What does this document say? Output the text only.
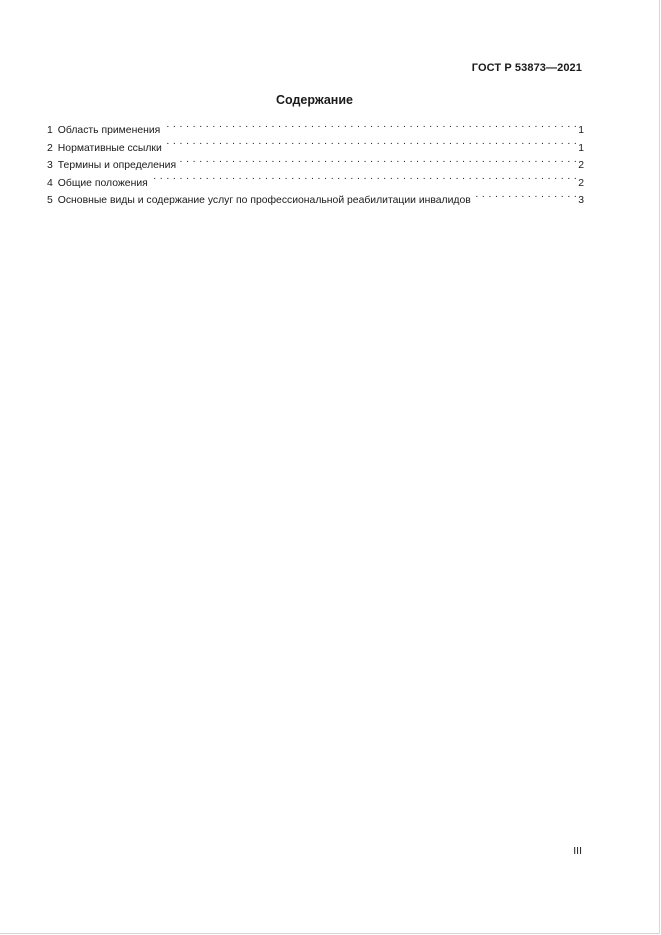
ГОСТ Р 53873—2021
Содержание
1 Область применения . . .	1
2 Нормативные ссылки . . .	1
3 Термины и определения . . .	2
4 Общие положения . . .	2
5 Основные виды и содержание услуг по профессиональной реабилитации инвалидов . . .	3
III
